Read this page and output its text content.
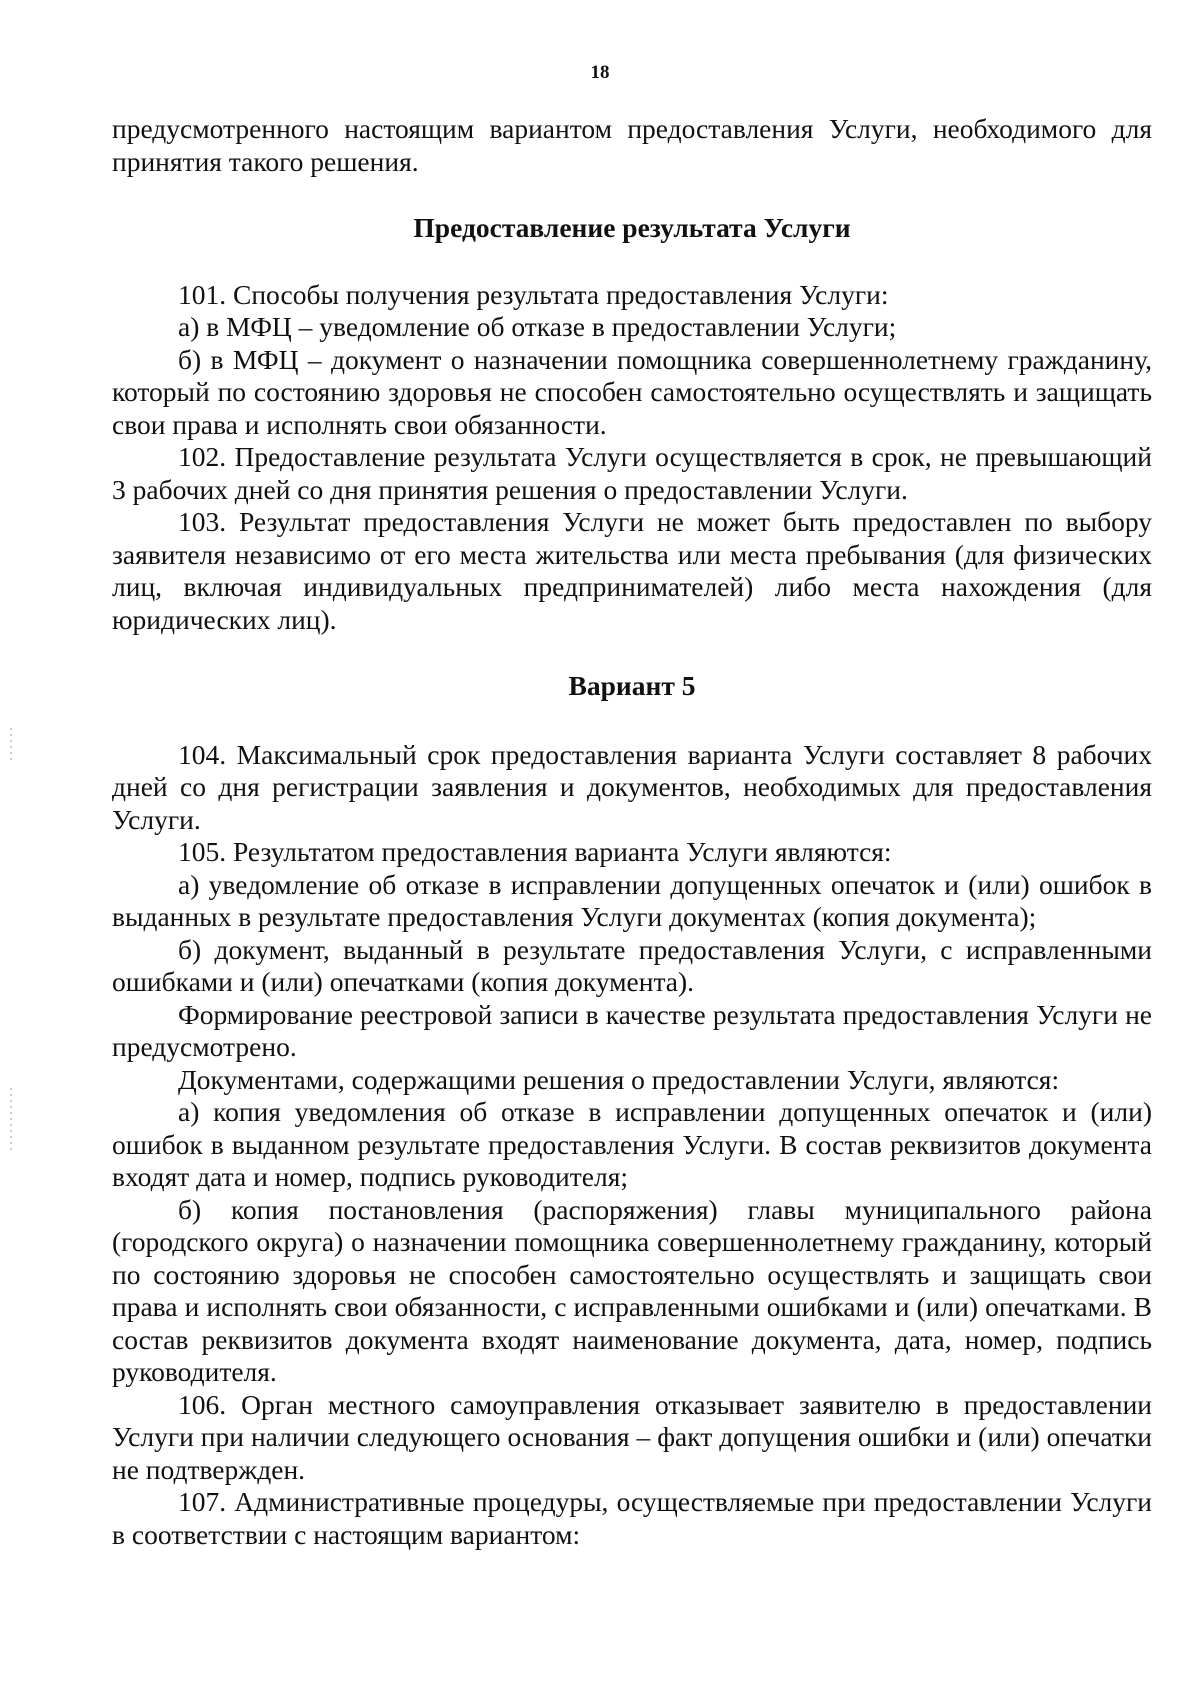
18

предусмотренного настоящим вариантом предоставления Услуги, необходимого для принятия такого решения.

Предоставление результата Услуги

101. Способы получения результата предоставления Услуги:

а) в МФЦ – уведомление об отказе в предоставлении Услуги;

б) в МФЦ – документ о назначении помощника совершеннолетнему гражданину, который по состоянию здоровья не способен самостоятельно осуществлять и защищать свои права и исполнять свои обязанности.

102. Предоставление результата Услуги осуществляется в срок, не превышающий 3 рабочих дней со дня принятия решения о предоставлении Услуги.

103. Результат предоставления Услуги не может быть предоставлен по выбору заявителя независимо от его места жительства или места пребывания (для физических лиц, включая индивидуальных предпринимателей) либо места нахождения (для юридических лиц).

Вариант 5

104. Максимальный срок предоставления варианта Услуги составляет 8 рабочих дней со дня регистрации заявления и документов, необходимых для предоставления Услуги.

105. Результатом предоставления варианта Услуги являются:

а) уведомление об отказе в исправлении допущенных опечаток и (или) ошибок в выданных в результате предоставления Услуги документах (копия документа);

б) документ, выданный в результате предоставления Услуги, с исправленными ошибками и (или) опечатками (копия документа).

Формирование реестровой записи в качестве результата предоставления Услуги не предусмотрено.

Документами, содержащими решения о предоставлении Услуги, являются:

а) копия уведомления об отказе в исправлении допущенных опечаток и (или) ошибок в выданном результате предоставления Услуги. В состав реквизитов документа входят дата и номер, подпись руководителя;

б) копия постановления (распоряжения) главы муниципального района (городского округа) о назначении помощника совершеннолетнему гражданину, который по состоянию здоровья не способен самостоятельно осуществлять и защищать свои права и исполнять свои обязанности, с исправленными ошибками и (или) опечатками. В состав реквизитов документа входят наименование документа, дата, номер, подпись руководителя.

106. Орган местного самоуправления отказывает заявителю в предоставлении Услуги при наличии следующего основания – факт допущения ошибки и (или) опечатки не подтвержден.

107. Административные процедуры, осуществляемые при предоставлении Услуги в соответствии с настоящим вариантом:
